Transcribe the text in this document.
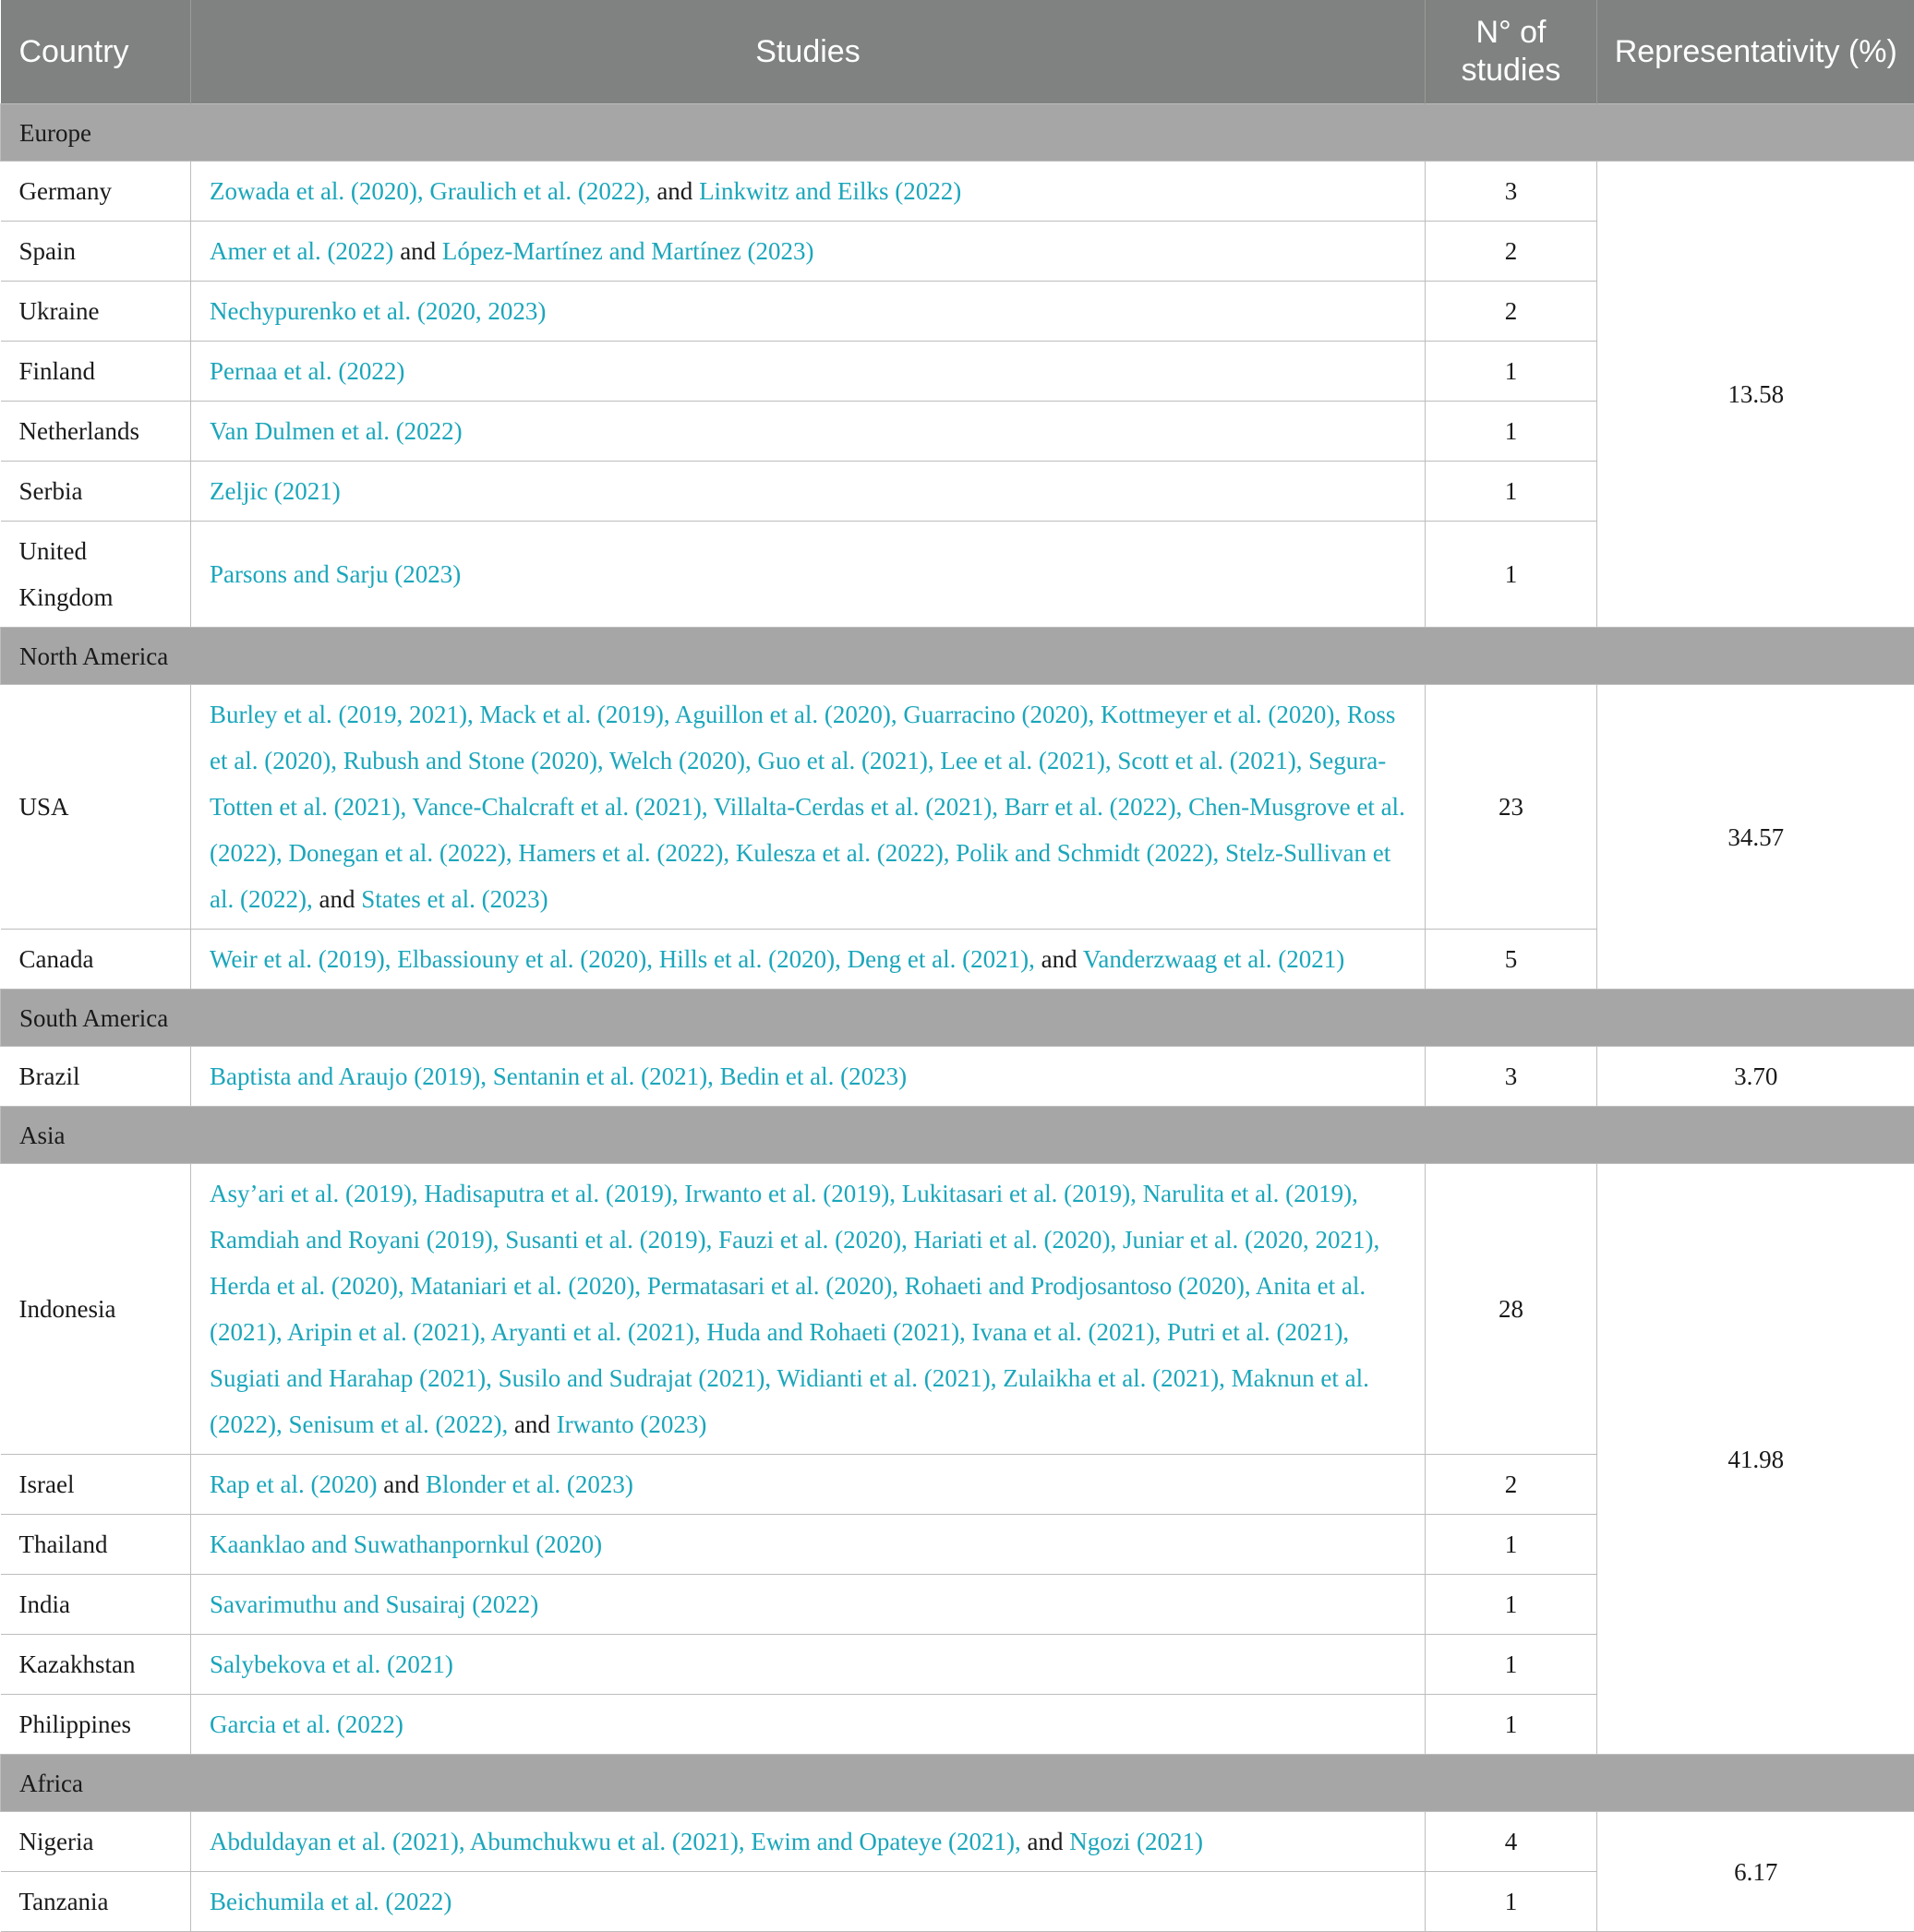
Country	Studies	N° of studies	Representativity (%)
Europe			
Germany	Zowada et al. (2020), Graulich et al. (2022), and Linkwitz and Eilks (2022)	3	13.58
Spain	Amer et al. (2022) and López-Martínez and Martínez (2023)	2	
Ukraine	Nechypurenko et al. (2020, 2023)	2	
Finland	Pernaa et al. (2022)	1	
Netherlands	Van Dulmen et al. (2022)	1	
Serbia	Zeljic (2021)	1	
United Kingdom	Parsons and Sarju (2023)	1	
North America			
USA	Burley et al. (2019, 2021), Mack et al. (2019), Aguillon et al. (2020), Guarracino (2020), Kottmeyer et al. (2020), Ross et al. (2020), Rubush and Stone (2020), Welch (2020), Guo et al. (2021), Lee et al. (2021), Scott et al. (2021), Segura-Totten et al. (2021), Vance-Chalcraft et al. (2021), Villalta-Cerdas et al. (2021), Barr et al. (2022), Chen-Musgrove et al. (2022), Donegan et al. (2022), Hamers et al. (2022), Kulesza et al. (2022), Polik and Schmidt (2022), Stelz-Sullivan et al. (2022), and States et al. (2023)	23	34.57
Canada	Weir et al. (2019), Elbassiouny et al. (2020), Hills et al. (2020), Deng et al. (2021), and Vanderzwaag et al. (2021)	5	
South America			
Brazil	Baptista and Araujo (2019), Sentanin et al. (2021), Bedin et al. (2023)	3	3.70
Asia			
Indonesia	Asy’ari et al. (2019), Hadisaputra et al. (2019), Irwanto et al. (2019), Lukitasari et al. (2019), Narulita et al. (2019), Ramdiah and Royani (2019), Susanti et al. (2019), Fauzi et al. (2020), Hariati et al. (2020), Juniar et al. (2020, 2021), Herda et al. (2020), Mataniari et al. (2020), Permatasari et al. (2020), Rohaeti and Prodjosantoso (2020), Anita et al. (2021), Aripin et al. (2021), Aryanti et al. (2021), Huda and Rohaeti (2021), Ivana et al. (2021), Putri et al. (2021), Sugiati and Harahap (2021), Susilo and Sudrajat (2021), Widianti et al. (2021), Zulaikha et al. (2021), Maknun et al. (2022), Senisum et al. (2022), and Irwanto (2023)	28	41.98
Israel	Rap et al. (2020) and Blonder et al. (2023)	2	
Thailand	Kaanklao and Suwathanpornkul (2020)	1	
India	Savarimuthu and Susairaj (2022)	1	
Kazakhstan	Salybekova et al. (2021)	1	
Philippines	Garcia et al. (2022)	1	
Africa			
Nigeria	Abduldayan et al. (2021), Abumchukwu et al. (2021), Ewim and Opateye (2021), and Ngozi (2021)	4	6.17
Tanzania	Beichumila et al. (2022)	1	
